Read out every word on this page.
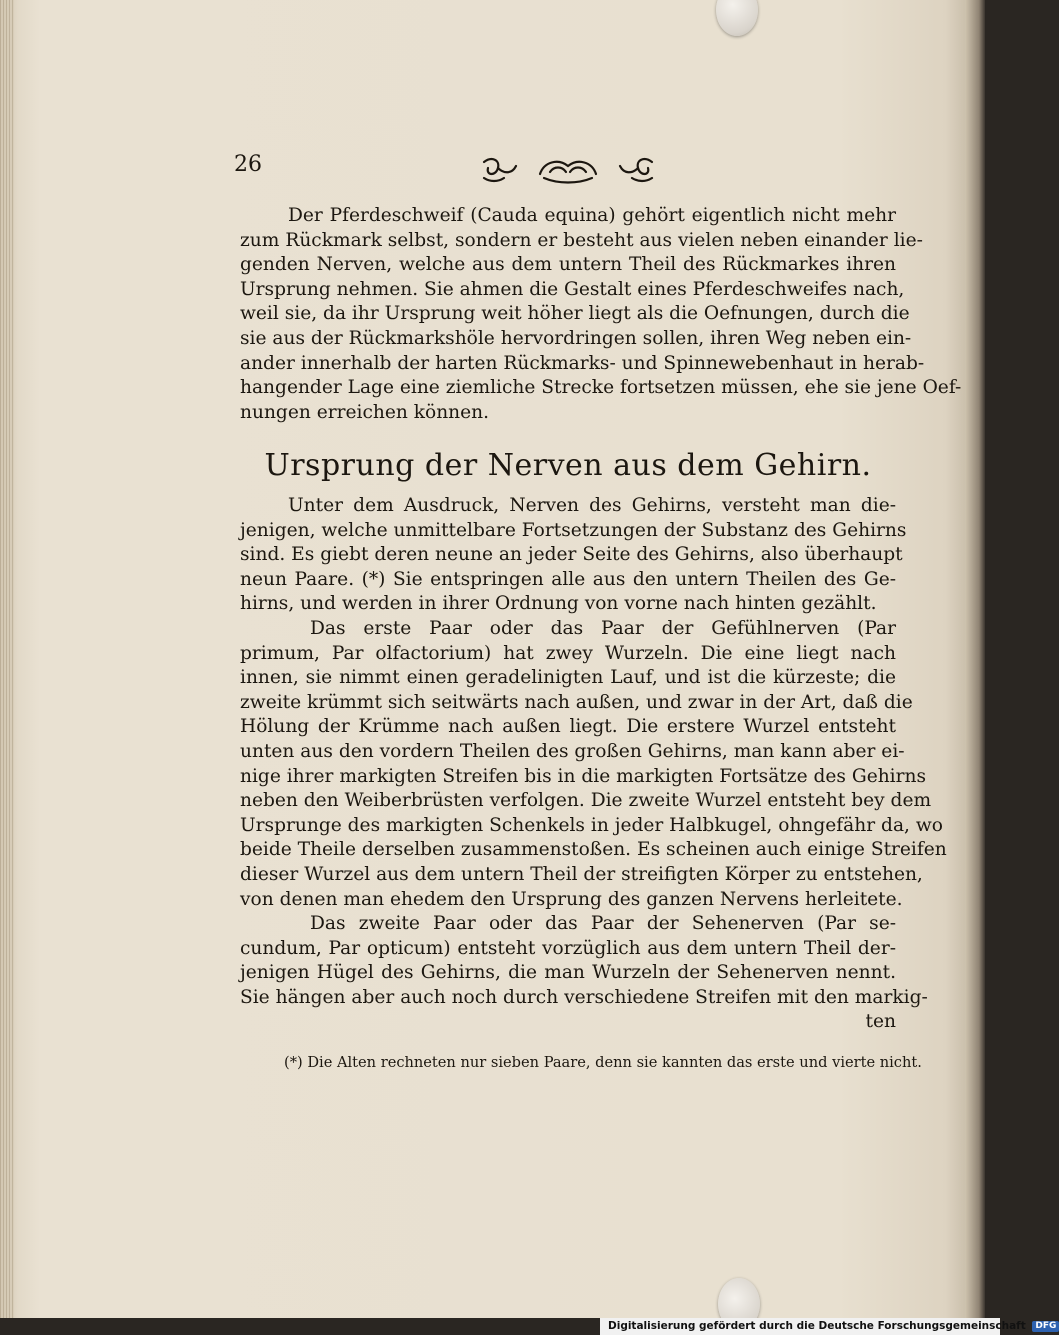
26
Der Pferdeschweif (Cauda equina) gehört eigentlich nicht mehr
zum Rückmark selbst, sondern er besteht aus vielen neben einander lie-
genden Nerven, welche aus dem untern Theil des Rückmarkes ihren
Ursprung nehmen. Sie ahmen die Gestalt eines Pferdeschweifes nach,
weil sie, da ihr Ursprung weit höher liegt als die Oefnungen, durch die
sie aus der Rückmarkshöle hervordringen sollen, ihren Weg neben ein-
ander innerhalb der harten Rückmarks- und Spinnewebenhaut in herab-
hangender Lage eine ziemliche Strecke fortsetzen müssen, ehe sie jene Oef-
nungen erreichen können.
Ursprung der Nerven aus dem Gehirn.
Unter dem Ausdruck, Nerven des Gehirns, versteht man die-
jenigen, welche unmittelbare Fortsetzungen der Substanz des Gehirns
sind. Es giebt deren neune an jeder Seite des Gehirns, also überhaupt
neun Paare. (*) Sie entspringen alle aus den untern Theilen des Ge-
hirns, und werden in ihrer Ordnung von vorne nach hinten gezählt.
Das erste Paar oder das Paar der Gefühlnerven (Par
primum, Par olfactorium) hat zwey Wurzeln. Die eine liegt nach
innen, sie nimmt einen geradelinigten Lauf, und ist die kürzeste; die
zweite krümmt sich seitwärts nach außen, und zwar in der Art, daß die
Hölung der Krümme nach außen liegt. Die erstere Wurzel entsteht
unten aus den vordern Theilen des großen Gehirns, man kann aber ei-
nige ihrer markigten Streifen bis in die markigten Fortsätze des Gehirns
neben den Weiberbrüsten verfolgen. Die zweite Wurzel entsteht bey dem
Ursprunge des markigten Schenkels in jeder Halbkugel, ohngefähr da, wo
beide Theile derselben zusammenstoßen. Es scheinen auch einige Streifen
dieser Wurzel aus dem untern Theil der streifigten Körper zu entstehen,
von denen man ehedem den Ursprung des ganzen Nervens herleitete.
Das zweite Paar oder das Paar der Sehenerven (Par se-
cundum, Par opticum) entsteht vorzüglich aus dem untern Theil der-
jenigen Hügel des Gehirns, die man Wurzeln der Sehenerven nennt.
Sie hängen aber auch noch durch verschiedene Streifen mit den markig-
ten
(*) Die Alten rechneten nur sieben Paare, denn sie kannten das erste und vierte nicht.
Digitalisierung gefördert durch die Deutsche Forschungsgemeinschaft DFG
